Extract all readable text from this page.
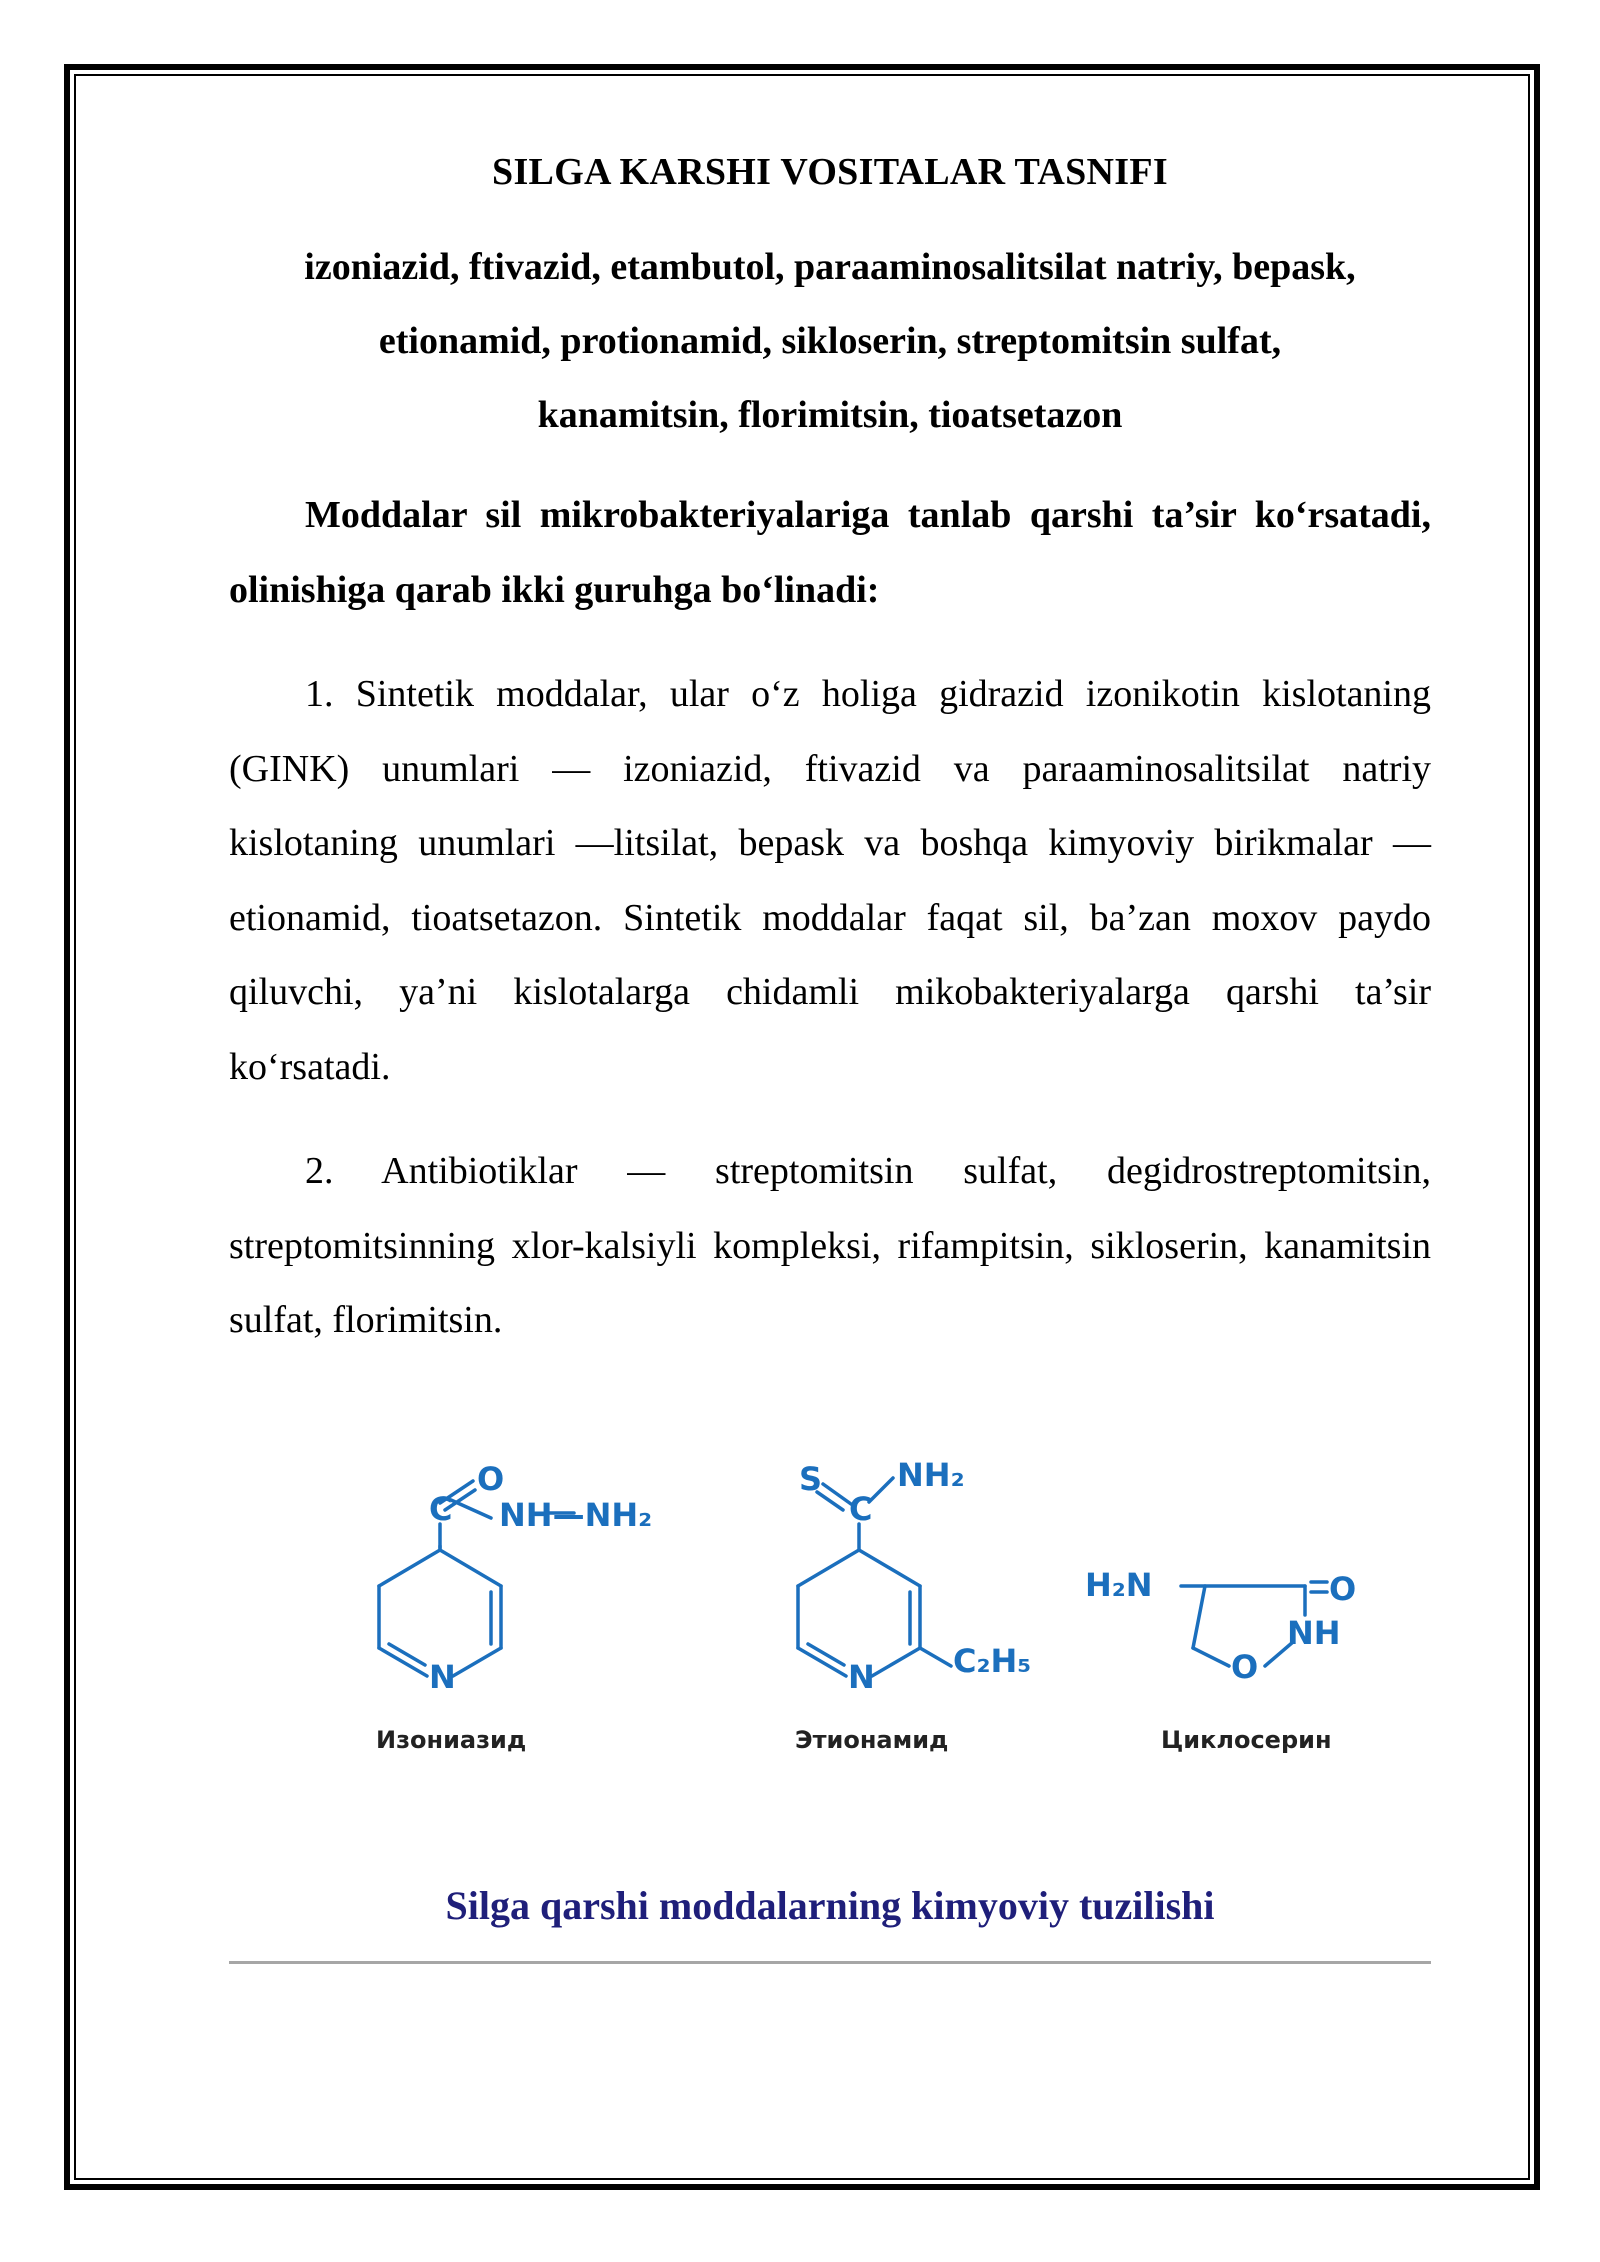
SILGA KARSHI VOSITALAR TASNIFI
izoniazid, ftivazid, etambutol, paraaminosalitsilat natriy, bepask,
etionamid, protionamid, sikloserin, streptomitsin sulfat,
kanamitsin, florimitsin, tioatsetazon

Moddalar sil mikrobakteriyalariga tanlab qarshi ta’sir ko‘rsatadi, olinishiga qarab ikki guruhga bo‘linadi:

1. Sintetik moddalar, ular o‘z holiga gidrazid izonikotin kislotaning (GINK) unumlari — izoniazid, ftivazid va paraaminosalitsilat natriy kislotaning unumlari —litsilat, bepask va boshqa kimyoviy birikmalar — etionamid, tioatsetazon. Sintetik moddalar faqat sil, ba’zan moxov paydo qiluvchi, ya’ni kislotalarga chidamli mikobakteriyalarga qarshi ta’sir ko‘rsatadi.

2. Antibiotiklar — streptomitsin sulfat, degidrostreptomitsin, streptomitsinning xlor-kalsiyli kompleksi, rifampitsin, sikloserin, kanamitsin sulfat, florimitsin.

O
C NH—NH₂
N
Изониазид
S NH₂
C
N C₂H₅
Этионамид
H₂N	O
NH
O
Циклосерин
Silga qarshi moddalarning kimyoviy tuzilishi
